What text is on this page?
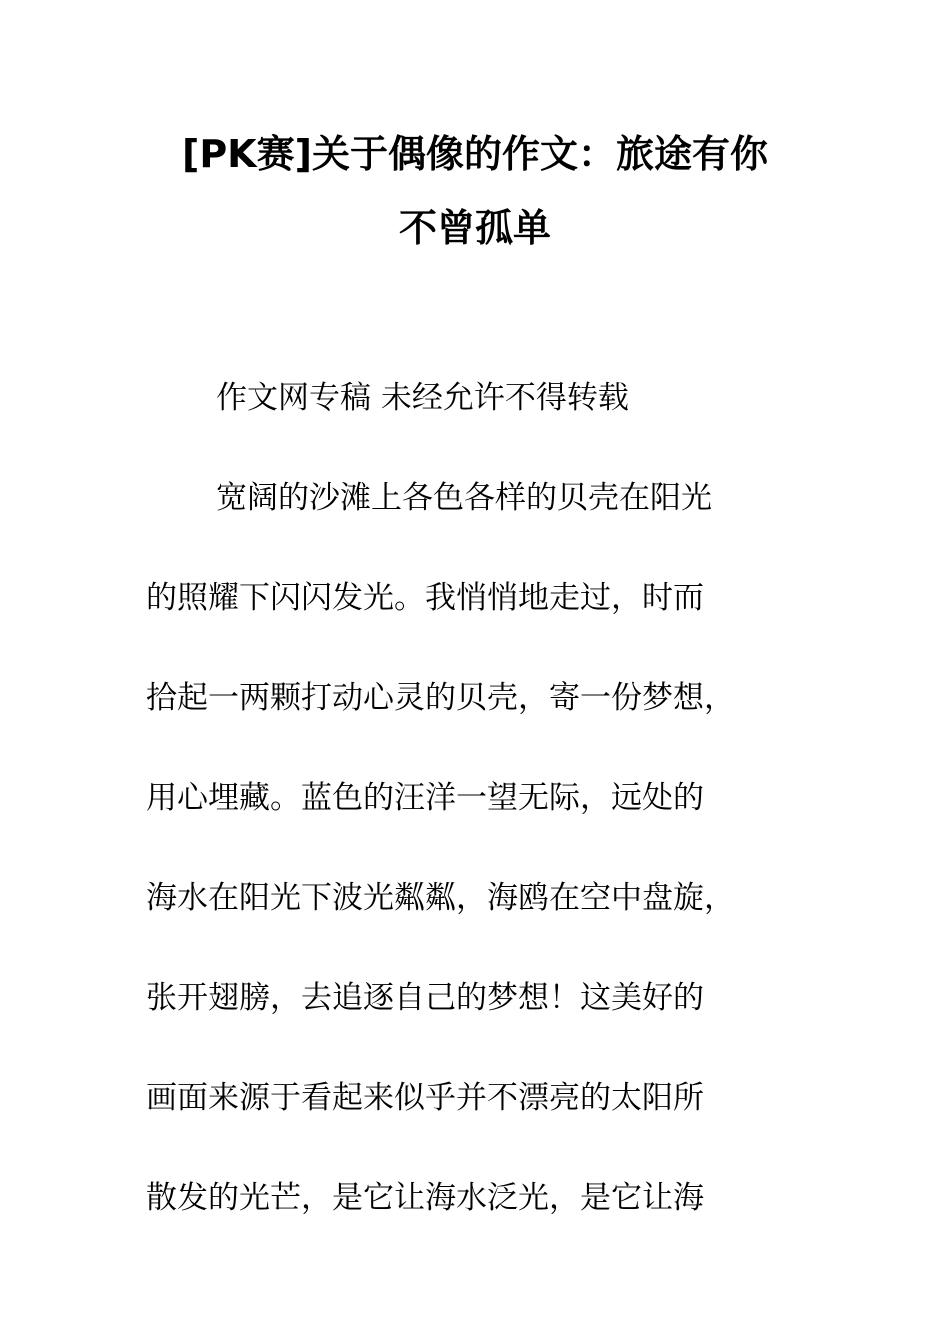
[PK赛]关于偶像的作文：旅途有你
不曾孤单
作文网专稿 未经允许不得转载
宽阔的沙滩上各色各样的贝壳在阳光
的照耀下闪闪发光。我悄悄地走过，时而
拾起一两颗打动心灵的贝壳，寄一份梦想，
用心埋藏。蓝色的汪洋一望无际，远处的
海水在阳光下波光粼粼，海鸥在空中盘旋，
张开翅膀，去追逐自己的梦想！这美好的
画面来源于看起来似乎并不漂亮的太阳所
散发的光芒，是它让海水泛光，是它让海
